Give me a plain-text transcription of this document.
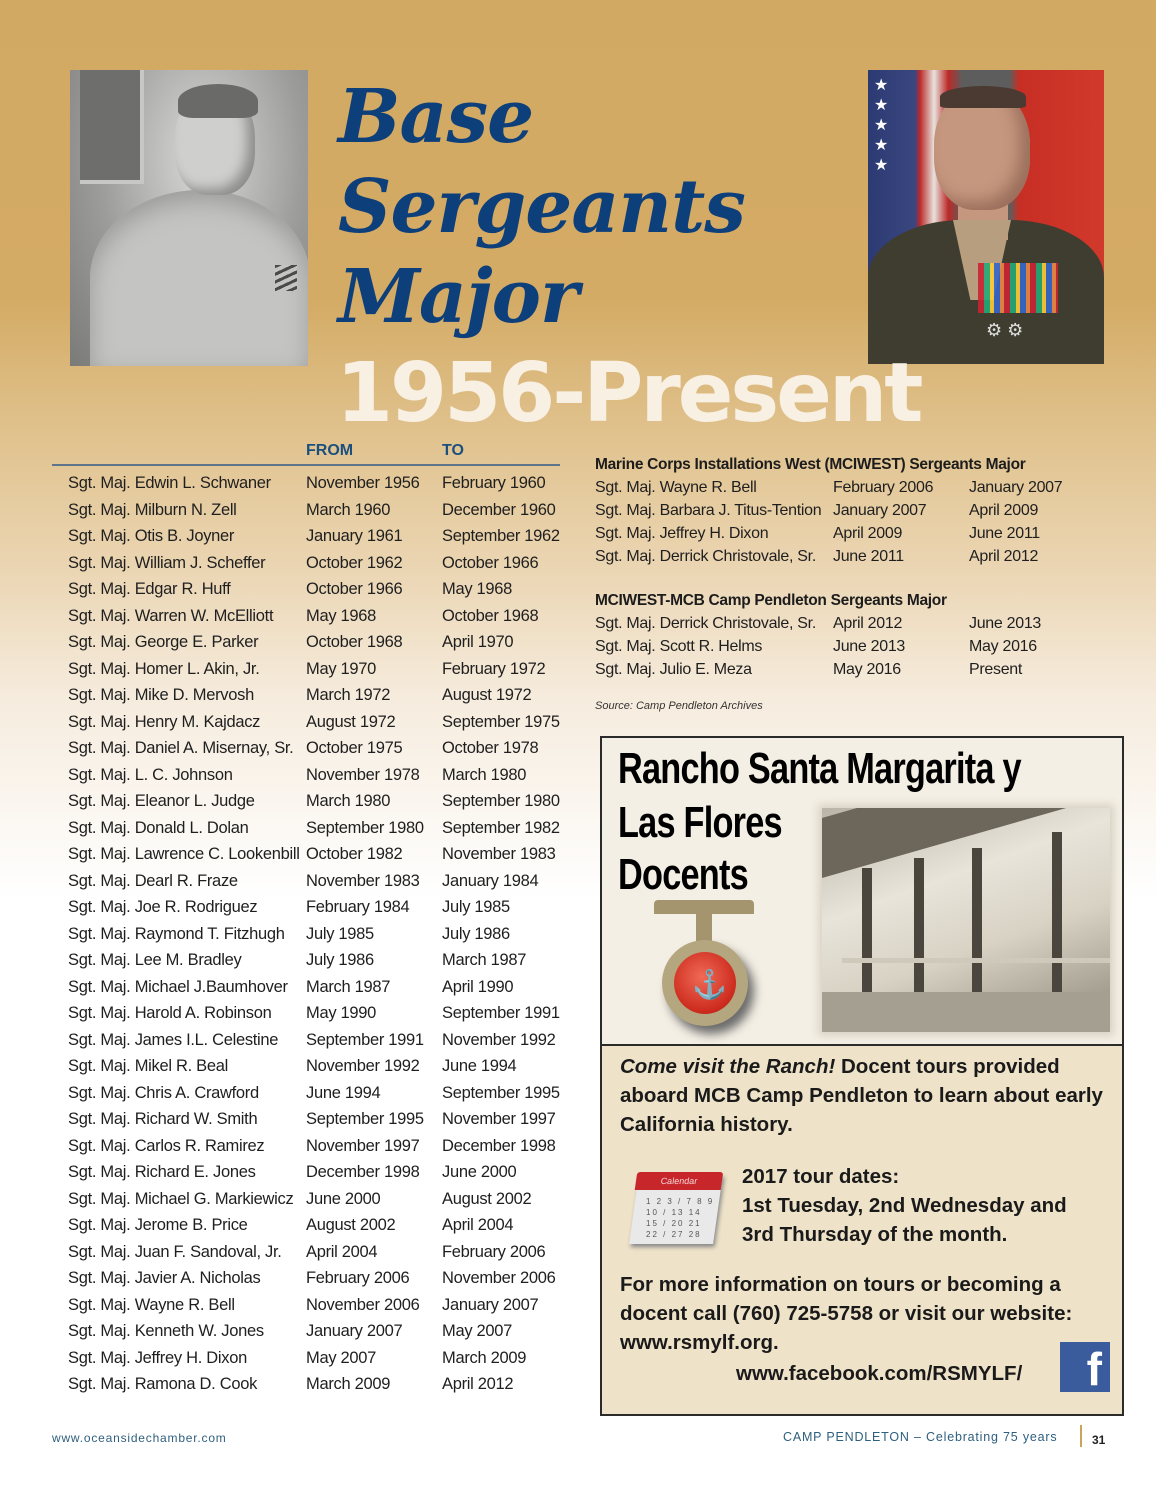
★
★
★
★
★
⚙ ⚙
Base
Sergeants
Major
1956-Present
FROM	TO
Sgt. Maj. Edwin L. Schwaner November 1956 February 1960
Sgt. Maj. Milburn N. Zell	March 1960	December 1960
Sgt. Maj. Otis B. Joyner	January 1961 September 1962
Sgt. Maj. William J. Scheffer October 1962 October 1966
Sgt. Maj. Edgar R. Huff	October 1966 May 1968
Sgt. Maj. Warren W. McElliott May 1968	October 1968
Sgt. Maj. George E. Parker	October 1968 April 1970
Sgt. Maj. Homer L. Akin, Jr.	May 1970	February 1972
Sgt. Maj. Mike D. Mervosh	March 1972	August 1972
Sgt. Maj. Henry M. Kajdacz	August 1972	September 1975
Sgt. Maj. Daniel A. Misernay, Sr. October 1975 October 1978
Sgt. Maj. L. C. Johnson	November 1978 March 1980
Sgt. Maj. Eleanor L. Judge	March 1980	September 1980
Sgt. Maj. Donald L. Dolan	September 1980 September 1982
Sgt. Maj. Lawrence C. Lookenbill October 1982 November 1983
Sgt. Maj. Dearl R. Fraze	November 1983 January 1984
Sgt. Maj. Joe R. Rodriguez	February 1984 July 1985
Sgt. Maj. Raymond T. Fitzhugh July 1985	July 1986
Sgt. Maj. Lee M. Bradley	July 1986	March 1987
Sgt. Maj. Michael J.Baumhover March 1987	April 1990
Sgt. Maj. Harold A. Robinson May 1990	September 1991
Sgt. Maj. James I.L. Celestine September 1991 November 1992
Sgt. Maj. Mikel R. Beal	November 1992 June 1994
Sgt. Maj. Chris A. Crawford	June 1994	September 1995
Sgt. Maj. Richard W. Smith	September 1995 November 1997
Sgt. Maj. Carlos R. Ramirez	November 1997 December 1998
Sgt. Maj. Richard E. Jones	December 1998 June 2000
Sgt. Maj. Michael G. Markiewicz June 2000	August 2002
Sgt. Maj. Jerome B. Price	August 2002	April 2004
Sgt. Maj. Juan F. Sandoval, Jr. April 2004	February 2006
Sgt. Maj. Javier A. Nicholas	February 2006 November 2006
Sgt. Maj. Wayne R. Bell	November 2006 January 2007
Sgt. Maj. Kenneth W. Jones	January 2007 May 2007
Sgt. Maj. Jeffrey H. Dixon	May 2007	March 2009
Sgt. Maj. Ramona D. Cook	March 2009	April 2012
Marine Corps Installations West (MCIWEST) Sergeants Major
Sgt. Maj. Wayne R. Bell	February 2006 January 2007
Sgt. Maj. Barbara J. Titus-Tention January 2007	April 2009
Sgt. Maj. Jeffrey H. Dixon	April 2009	June 2011
Sgt. Maj. Derrick Christovale, Sr. June 2011	April 2012
MCIWEST-MCB Camp Pendleton Sergeants Major
Sgt. Maj. Derrick Christovale, Sr. April 2012	June 2013
Sgt. Maj. Scott R. Helms	June 2013	May 2016
Sgt. Maj. Julio E. Meza	May 2016	Present
Source: Camp Pendleton Archives
Rancho Santa Margarita y
Las Flores
Docents
⚓
Come visit the Ranch! Docent tours provided aboard MCB Camp Pendleton to learn about early California history.
Calendar
1 2 3 / 7 8 9 10 / 13 14 15 / 20 21 22 / 27 28
2017 tour dates:
1st Tuesday, 2nd Wednesday and
3rd Thursday of the month.
For more information on tours or becoming a docent call (760) 725-5758 or visit our website: www.rsmylf.org.
www.facebook.com/RSMYLF/	f
www.oceansidechamber.com	CAMP PENDLETON – Celebrating 75 years	31
